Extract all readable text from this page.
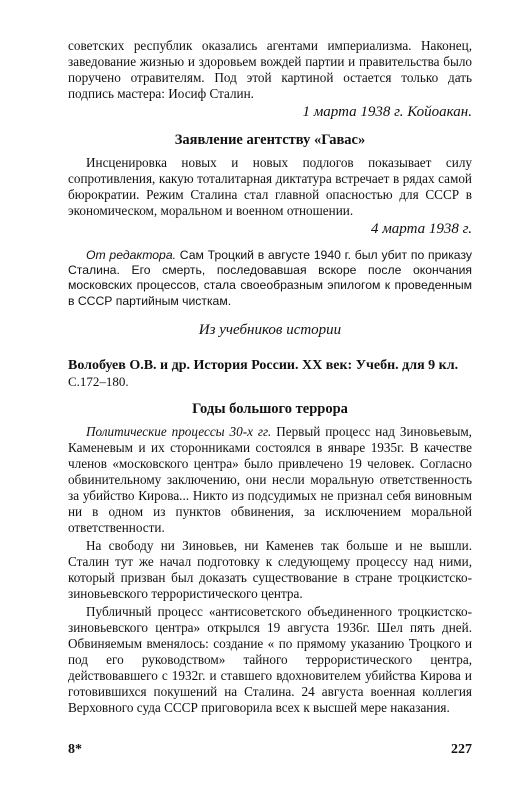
советских республик оказались агентами империализма. Наконец, заведование жизнью и здоровьем вождей партии и правительства было поручено отравителям. Под этой картиной остается только дать подпись мастера: Иосиф Сталин.

1 марта 1938 г. Койоакан.
Заявление агентству «Гавас»

Инсценировка новых и новых подлогов показывает силу сопротивления, какую тоталитарная диктатура встречает в рядах самой бюрократии. Режим Сталина стал главной опасностью для СССР в экономическом, моральном и военном отношении.

4 марта 1938 г.

От редактора. Сам Троцкий в августе 1940 г. был убит по приказу Сталина. Его смерть, последовавшая вскоре после окончания московских процессов, стала своеобразным эпилогом к проведенным в СССР партийным чисткам.

Из учебников истории

Волобуев О.В. и др. История России. XX век: Учебн. для 9 кл.

С.172–180.

Годы большого террора

Политические процессы 30-х гг. Первый процесс над Зиновьевым, Каменевым и их сторонниками состоялся в январе 1935г. В качестве членов «московского центра» было привлечено 19 человек. Согласно обвинительному заключению, они несли моральную ответственность за убийство Кирова... Никто из подсудимых не признал себя виновным ни в одном из пунктов обвинения, за исключением моральной ответственности.

На свободу ни Зиновьев, ни Каменев так больше и не вышли. Сталин тут же начал подготовку к следующему процессу над ними, который призван был доказать существование в стране троцкистско-зиновьевского террористического центра.

Публичный процесс «антисоветского объединенного троцкистско-зиновьевского центра» открылся 19 августа 1936г. Шел пять дней. Обвиняемым вменялось: создание « по прямому указанию Троцкого и под его руководством» тайного террористического центра, действовавшего с 1932г. и ставшего вдохновителем убийства Кирова и готовившихся покушений на Сталина. 24 августа военная коллегия Верховного суда СССР приговорила всех к высшей мере наказания.

8*	227
